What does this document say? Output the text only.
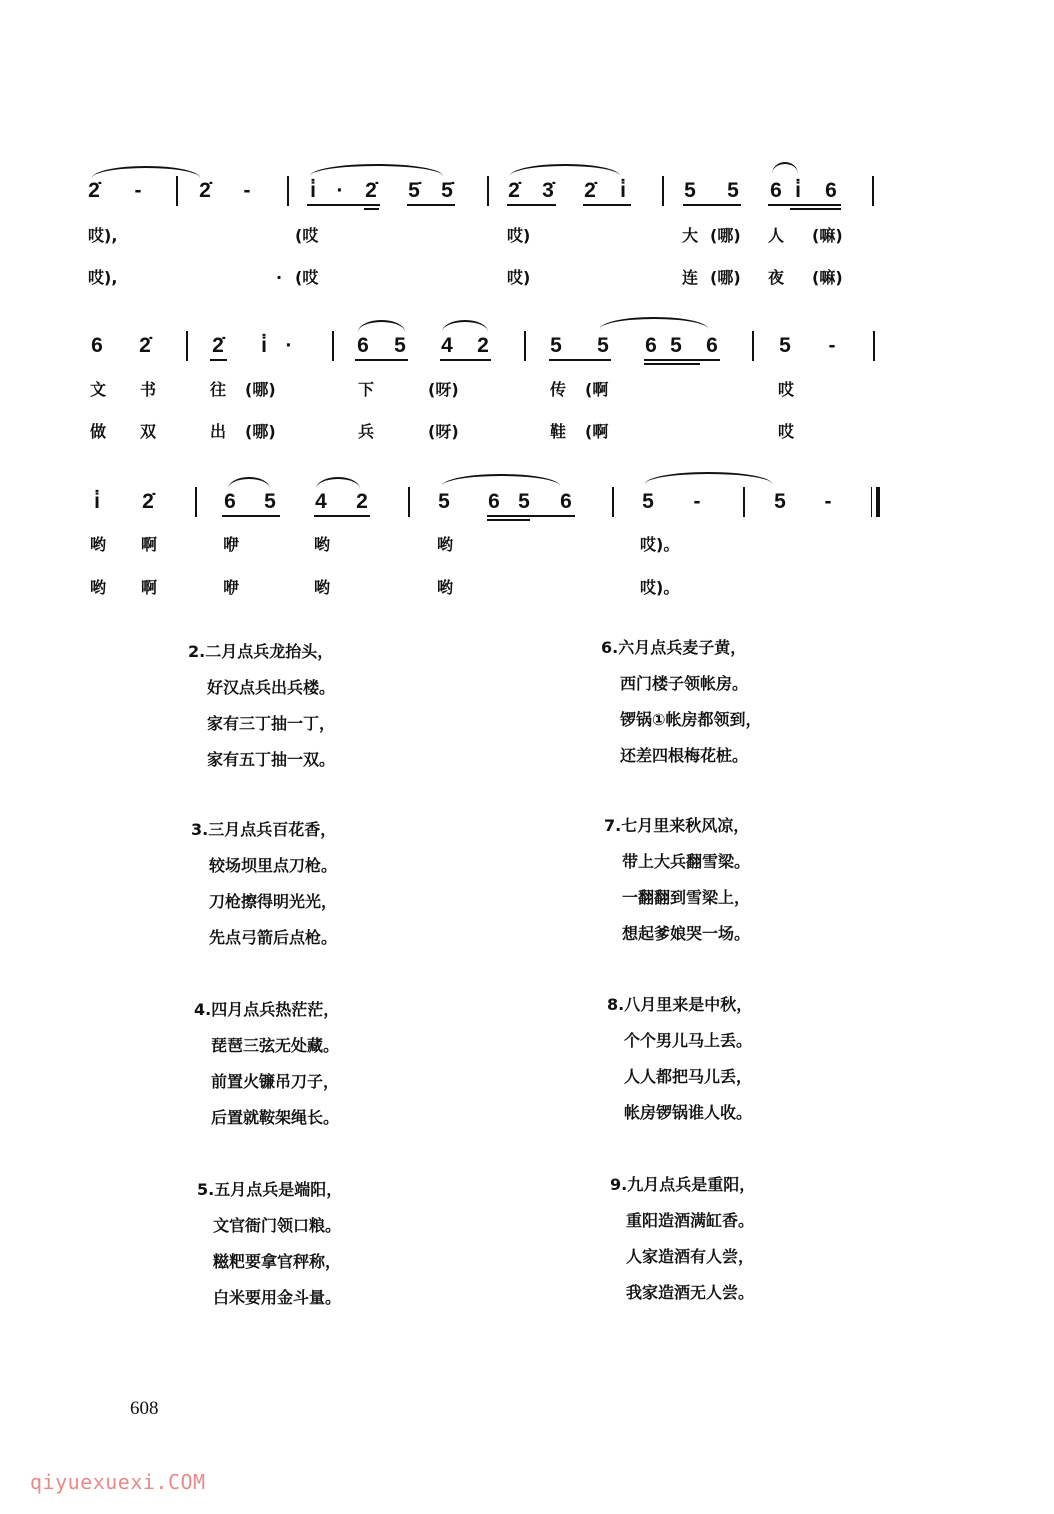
2̇ -	2̇ -	i̇ · 2̇ 5̇ 5̇	2̇ 3̇ 2̇ i̇	5 5 6 i̇ 6
哎),	(哎	哎)	大 (哪) 人 (嘛)
哎),	· (哎	哎)	连 (哪) 夜 (嘛)
6 2̇	2̇ i̇ ·	6 5 4 2	5 5 6 5 6	5 -
文 书	往 (哪)	下	(呀)	传 (啊	哎
做 双	出 (哪)	兵	(呀)	鞋 (啊	哎
i̇ 2̇	6 5 4 2	5 6 5 6	5 -	5 -
哟 啊	咿	哟	哟	哎)。
哟 啊	咿	哟	哟	哎)。
2.二月点兵龙抬头，
好汉点兵出兵楼。
家有三丁抽一丁，
家有五丁抽一双。
3.三月点兵百花香，
较场坝里点刀枪。
刀枪擦得明光光，
先点弓箭后点枪。
4.四月点兵热茫茫，
琵琶三弦无处藏。
前置火镰吊刀子，
后置就鞍架绳长。
5.五月点兵是端阳，
文官衙门领口粮。
糍粑要拿官秤称，
白米要用金斗量。
6.六月点兵麦子黄，
西门楼子领帐房。
锣锅①帐房都领到，
还差四根梅花桩。
7.七月里来秋风凉，
带上大兵翻雪梁。
一翻翻到雪梁上，
想起爹娘哭一场。
8.八月里来是中秋，
个个男儿马上丢。
人人都把马儿丢，
帐房锣锅谁人收。
9.九月点兵是重阳，
重阳造酒满缸香。
人家造酒有人尝，
我家造酒无人尝。
608
qiyuexuexi.COM
